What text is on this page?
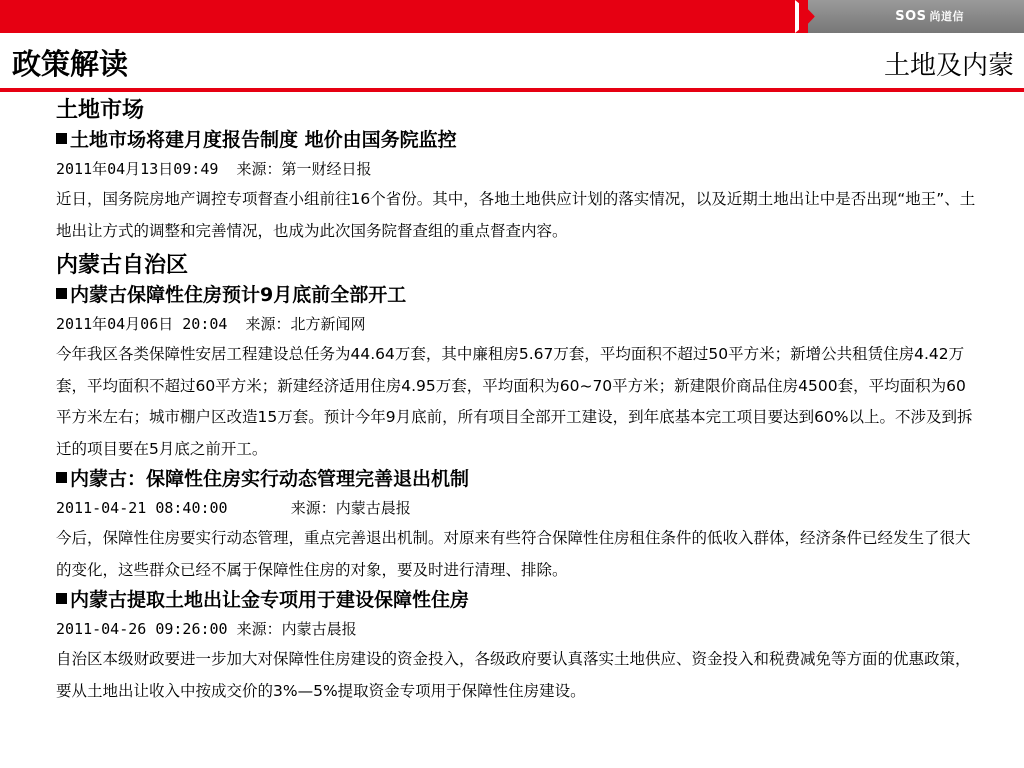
SOS 尚道信
政策解读	土地及内蒙
土地市场
土地市场将建月度报告制度 地价由国务院监控
2011年04月13日09:49  来源：第一财经日报
近日，国务院房地产调控专项督查小组前往16个省份。其中，各地土地供应计划的落实情况，以及近期土地出让中是否出现“地王”、土地出让方式的调整和完善情况，也成为此次国务院督查组的重点督查内容。
内蒙古自治区
内蒙古保障性住房预计9月底前全部开工
2011年04月06日 20:04  来源：北方新闻网
今年我区各类保障性安居工程建设总任务为44.64万套，其中廉租房5.67万套，平均面积不超过50平方米；新增公共租赁住房4.42万套，平均面积不超过60平方米；新建经济适用住房4.95万套，平均面积为60~70平方米；新建限价商品住房4500套，平均面积为60平方米左右；城市棚户区改造15万套。预计今年9月底前，所有项目全部开工建设，到年底基本完工项目要达到60%以上。不涉及到拆迁的项目要在5月底之前开工。
内蒙古：保障性住房实行动态管理完善退出机制
2011-04-21 08:40:00       来源：内蒙古晨报
今后，保障性住房要实行动态管理，重点完善退出机制。对原来有些符合保障性住房租住条件的低收入群体，经济条件已经发生了很大的变化，这些群众已经不属于保障性住房的对象，要及时进行清理、排除。
内蒙古提取土地出让金专项用于建设保障性住房
2011-04-26 09:26:00 来源：内蒙古晨报
自治区本级财政要进一步加大对保障性住房建设的资金投入，各级政府要认真落实土地供应、资金投入和税费减免等方面的优惠政策，要从土地出让收入中按成交价的3%—5%提取资金专项用于保障性住房建设。
